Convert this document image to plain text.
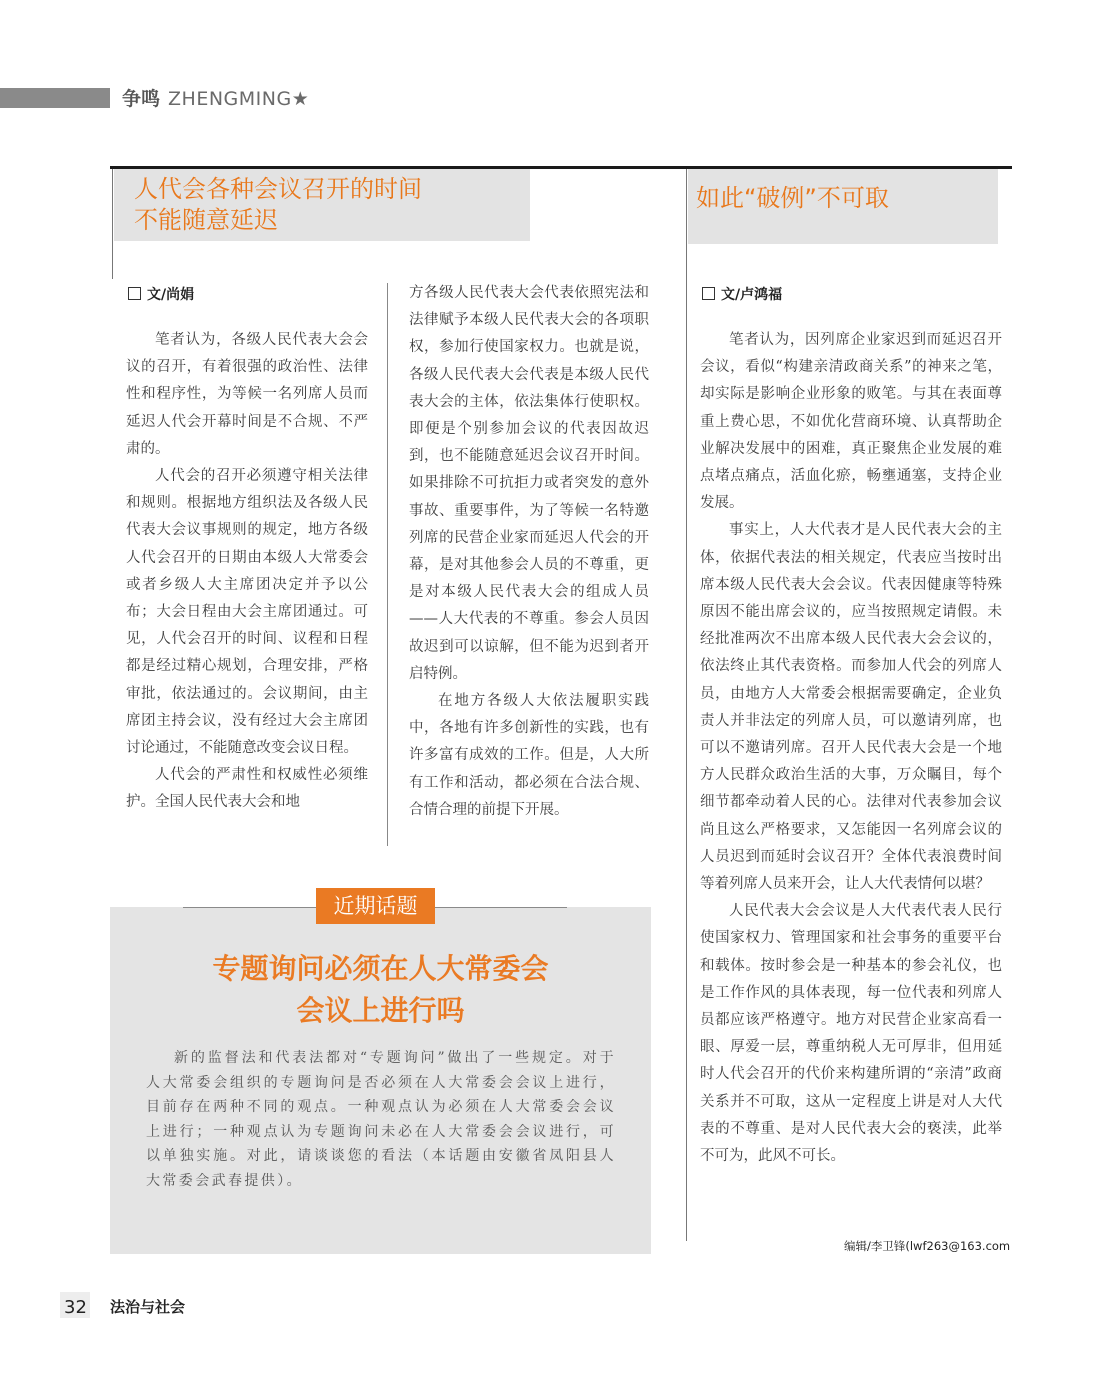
争鸣 ZHENGMING★
人代会各种会议召开的时间
不能随意延迟
如此“破例”不可取
文/尚娟	文/卢鸿福

笔者认为，各级人民代表大会会议的召开，有着很强的政治性、法律性和程序性，为等候一名列席人员而延迟人代会开幕时间是不合规、不严肃的。

人代会的召开必须遵守相关法律和规则。根据地方组织法及各级人民代表大会议事规则的规定，地方各级人代会召开的日期由本级人大常委会或者乡级人大主席团决定并予以公布；大会日程由大会主席团通过。可见，人代会召开的时间、议程和日程都是经过精心规划，合理安排，严格审批，依法通过的。会议期间，由主席团主持会议，没有经过大会主席团讨论通过，不能随意改变会议日程。

人代会的严肃性和权威性必须维护。全国人民代表大会和地

方各级人民代表大会代表依照宪法和法律赋予本级人民代表大会的各项职权，参加行使国家权力。也就是说，各级人民代表大会代表是本级人民代表大会的主体，依法集体行使职权。即便是个别参加会议的代表因故迟到，也不能随意延迟会议召开时间。如果排除不可抗拒力或者突发的意外事故、重要事件，为了等候一名特邀列席的民营企业家而延迟人代会的开幕，是对其他参会人员的不尊重，更是对本级人民代表大会的组成人员——人大代表的不尊重。参会人员因故迟到可以谅解，但不能为迟到者开启特例。

在地方各级人大依法履职实践中，各地有许多创新性的实践，也有许多富有成效的工作。但是，人大所有工作和活动，都必须在合法合规、合情合理的前提下开展。

笔者认为，因列席企业家迟到而延迟召开会议，看似“构建亲清政商关系”的神来之笔，却实际是影响企业形象的败笔。与其在表面尊重上费心思，不如优化营商环境、认真帮助企业解决发展中的困难，真正聚焦企业发展的难点堵点痛点，活血化瘀，畅壅通塞，支持企业发展。

事实上，人大代表才是人民代表大会的主体，依据代表法的相关规定，代表应当按时出席本级人民代表大会会议。代表因健康等特殊原因不能出席会议的，应当按照规定请假。未经批准两次不出席本级人民代表大会会议的，依法终止其代表资格。而参加人代会的列席人员，由地方人大常委会根据需要确定，企业负责人并非法定的列席人员，可以邀请列席，也可以不邀请列席。召开人民代表大会是一个地方人民群众政治生活的大事，万众瞩目，每个细节都牵动着人民的心。法律对代表参加会议尚且这么严格要求，又怎能因一名列席会议的人员迟到而延时会议召开？全体代表浪费时间等着列席人员来开会，让人大代表情何以堪？

人民代表大会会议是人大代表代表人民行使国家权力、管理国家和社会事务的重要平台和载体。按时参会是一种基本的参会礼仪，也是工作作风的具体表现，每一位代表和列席人员都应该严格遵守。地方对民营企业家高看一眼、厚爱一层，尊重纳税人无可厚非，但用延时人代会召开的代价来构建所谓的“亲清”政商关系并不可取，这从一定程度上讲是对人大代表的不尊重、是对人民代表大会的亵渎，此举不可为，此风不可长。

编辑/李卫锋(lwf263@163.com
近期话题
专题询问必须在人大常委会
会议上进行吗

新的监督法和代表法都对“专题询问”做出了一些规定。对于人大常委会组织的专题询问是否必须在人大常委会会议上进行，目前存在两种不同的观点。一种观点认为必须在人大常委会会议上进行；一种观点认为专题询问未必在人大常委会会议进行，可以单独实施。对此，请谈谈您的看法（本话题由安徽省凤阳县人大常委会武春提供）。

32 法治与社会
